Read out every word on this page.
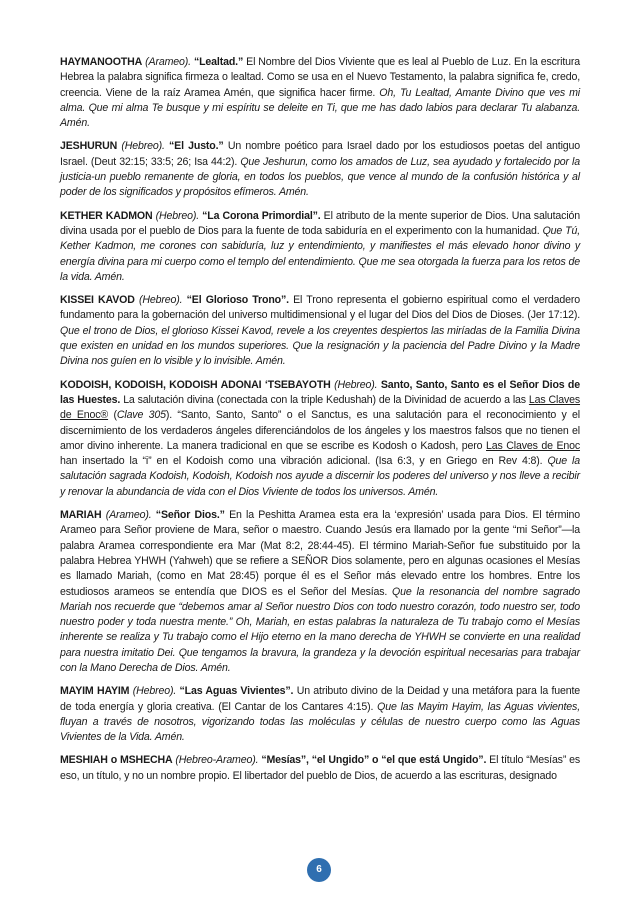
HAYMANOOTHA (Arameo). “Lealtad.” El Nombre del Dios Viviente que es leal al Pueblo de Luz. En la escritura Hebrea la palabra significa firmeza o lealtad. Como se usa en el Nuevo Testamento, la palabra significa fe, credo, creencia. Viene de la raíz Aramea Amén, que significa hacer firme. Oh, Tu Lealtad, Amante Divino que ves mi alma. Que mi alma Te busque y mi espíritu se deleite en Ti, que me has dado labios para declarar Tu alabanza. Amén.

JESHURUN (Hebreo). “El Justo.” Un nombre poético para Israel dado por los estudiosos poetas del antiguo Israel. (Deut 32:15; 33:5; 26; Isa 44:2). Que Jeshurun, como los amados de Luz, sea ayudado y fortalecido por la justicia-un pueblo remanente de gloria, en todos los pueblos, que vence al mundo de la confusión histórica y al poder de los significados y propósitos efímeros. Amén.

KETHER KADMON (Hebreo). “La Corona Primordial”. El atributo de la mente superior de Dios. Una salutación divina usada por el pueblo de Dios para la fuente de toda sabiduría en el experimento con la humanidad. Que Tú, Kether Kadmon, me corones con sabiduría, luz y entendimiento, y manifiestes el más elevado honor divino y energía divina para mi cuerpo como el templo del entendimiento. Que me sea otorgada la fuerza para los retos de la vida. Amén.

KISSEI KAVOD (Hebreo). “El Glorioso Trono”. El Trono representa el gobierno espiritual como el verdadero fundamento para la gobernación del universo multidimensional y el lugar del Dios del Dios de Dioses. (Jer 17:12). Que el trono de Dios, el glorioso Kissei Kavod, revele a los creyentes despiertos las miríadas de la Familia Divina que existen en unidad en los mundos superiores. Que la resignación y la paciencia del Padre Divino y la Madre Divina nos guíen en lo visible y lo invisible. Amén.

KODOISH, KODOISH, KODOISH ADONAI ‘TSEBAYOTH (Hebreo). Santo, Santo, Santo es el Señor Dios de las Huestes. La salutación divina (conectada con la triple Kedushah) de la Divinidad de acuerdo a las Las Claves de Enoc® (Clave 305). “Santo, Santo, Santo” o el Sanctus, es una salutación para el reconocimiento y el discernimiento de los verdaderos ángeles diferenciándolos de los ángeles y los maestros falsos que no tienen el amor divino inherente. La manera tradicional en que se escribe es Kodosh o Kadosh, pero Las Claves de Enoc han insertado la “i” en el Kodoish como una vibración adicional. (Isa 6:3, y en Griego en Rev 4:8). Que la salutación sagrada Kodoish, Kodoish, Kodoish nos ayude a discernir los poderes del universo y nos lleve a recibir y renovar la abundancia de vida con el Dios Viviente de todos los universos. Amén.

MARIAH (Arameo). “Señor Dios.” En la Peshitta Aramea esta era la ‘expresión’ usada para Dios. El término Arameo para Señor proviene de Mara, señor o maestro. Cuando Jesús era llamado por la gente “mi Señor”—la palabra Aramea correspondiente era Mar (Mat 8:2, 28:44-45). El término Mariah-Señor fue substituido por la palabra Hebrea YHWH (Yahweh) que se refiere a SEÑOR Dios solamente, pero en algunas ocasiones el Mesías es llamado Mariah, (como en Mat 28:45) porque él es el Señor más elevado entre los hombres. Entre los estudiosos arameos se entendía que DIOS es el Señor del Mesías. Que la resonancia del nombre sagrado Mariah nos recuerde que “debemos amar al Señor nuestro Dios con todo nuestro corazón, todo nuestro ser, todo nuestro poder y toda nuestra mente.” Oh, Mariah, en estas palabras la naturaleza de Tu trabajo como el Mesías inherente se realiza y Tu trabajo como el Hijo eterno en la mano derecha de YHWH se convierte en una realidad para nuestra imitatio Dei. Que tengamos la bravura, la grandeza y la devoción espiritual necesarias para trabajar con la Mano Derecha de Dios. Amén.

MAYIM HAYIM (Hebreo). “Las Aguas Vivientes”. Un atributo divino de la Deidad y una metáfora para la fuente de toda energía y gloria creativa. (El Cantar de los Cantares 4:15). Que las Mayim Hayim, las Aguas vivientes, fluyan a través de nosotros, vigorizando todas las moléculas y células de nuestro cuerpo como las Aguas Vivientes de la Vida. Amén.

MESHIAH o MSHECHA (Hebreo-Arameo). “Mesías”, “el Ungido” o “el que está Ungido”. El título “Mesías” es eso, un título, y no un nombre propio. El libertador del pueblo de Dios, de acuerdo a las escrituras, designado

6
